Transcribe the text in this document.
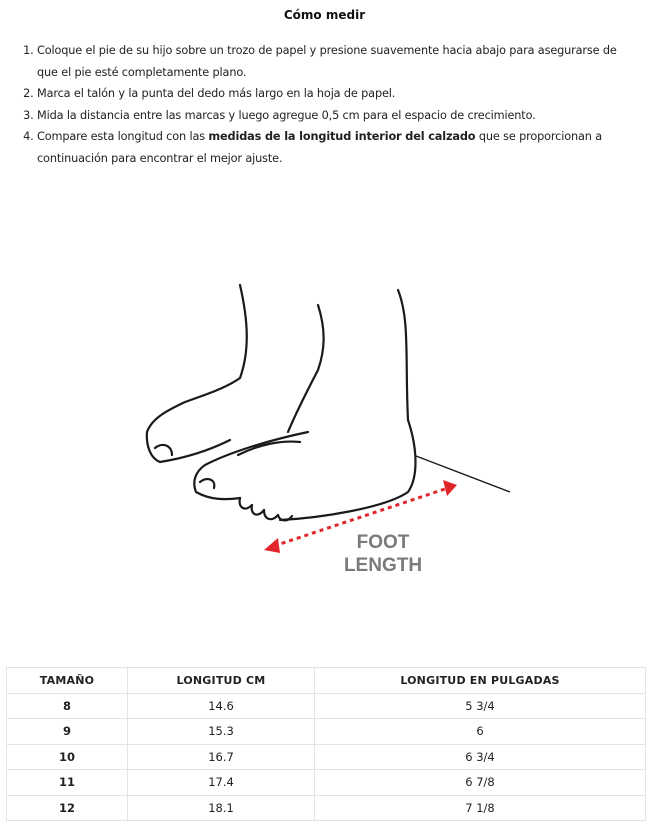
Cómo medir
1. Coloque el pie de su hijo sobre un trozo de papel y presione suavemente hacia abajo para asegurarse de que el pie esté completamente plano.
2. Marca el talón y la punta del dedo más largo en la hoja de papel.
3. Mida la distancia entre las marcas y luego agregue 0,5 cm para el espacio de crecimiento.
4. Compare esta longitud con las medidas de la longitud interior del calzado que se proporcionan a continuación para encontrar el mejor ajuste.
FOOT
LENGTH
TAMAÑO	LONGITUD CM	LONGITUD EN PULGADAS
8	14.6	5 3/4
9	15.3	6
10	16.7	6 3/4
11	17.4	6 7/8
12	18.1	7 1/8
